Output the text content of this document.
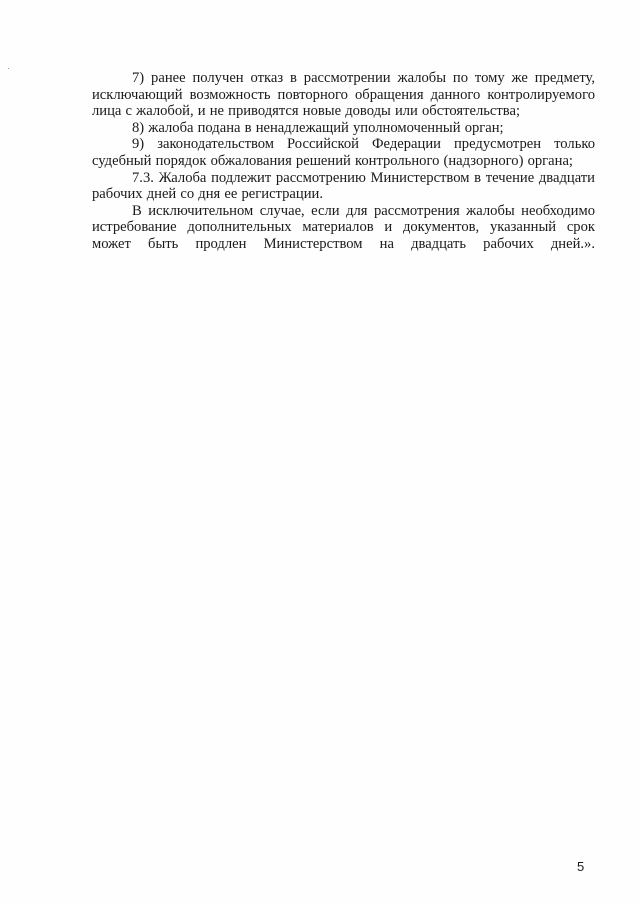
7) ранее получен отказ в рассмотрении жалобы по тому же предмету, исключающий возможность повторного обращения данного контролируемого лица с жалобой, и не приводятся новые доводы или обстоятельства;

8) жалоба подана в ненадлежащий уполномоченный орган;

9) законодательством Российской Федерации предусмотрен только судебный порядок обжалования решений контрольного (надзорного) органа;

7.3. Жалоба подлежит рассмотрению Министерством в течение двадцати рабочих дней со дня ее регистрации.

В исключительном случае, если для рассмотрения жалобы необходимо истребование дополнительных материалов и документов, указанный срок может быть продлен Министерством на двадцать рабочих дней.».

5
